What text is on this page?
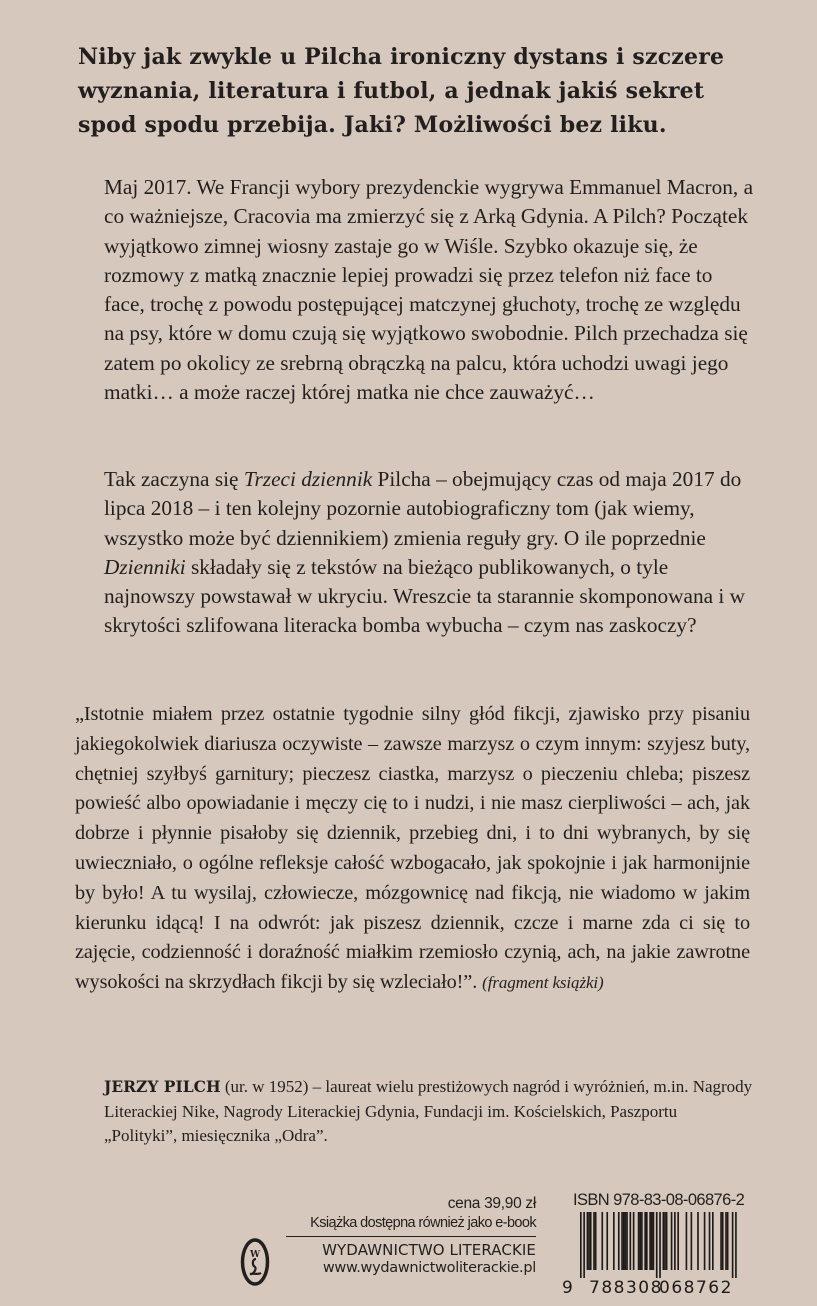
Niby jak zwykle u Pilcha ironiczny dystans i szczere wyznania, literatura i futbol, a jednak jakiś sekret spod spodu przebija. Jaki? Możliwości bez liku.
Maj 2017. We Francji wybory prezydenckie wygrywa Emmanuel Macron, a co ważniejsze, Cracovia ma zmierzyć się z Arką Gdynia. A Pilch? Początek wyjątkowo zimnej wiosny zastaje go w Wiśle. Szybko okazuje się, że rozmowy z matką znacznie lepiej prowadzi się przez telefon niż face to face, trochę z powodu postępującej matczynej głuchoty, trochę ze względu na psy, które w domu czują się wyjątkowo swobodnie. Pilch przechadza się zatem po okolicy ze srebrną obrączką na palcu, która uchodzi uwagi jego matki… a może raczej której matka nie chce zauważyć…
Tak zaczyna się Trzeci dziennik Pilcha – obejmujący czas od maja 2017 do lipca 2018 – i ten kolejny pozornie autobiograficzny tom (jak wiemy, wszystko może być dziennikiem) zmienia reguły gry. O ile poprzednie Dzienniki składały się z tekstów na bieżąco publikowanych, o tyle najnowszy powstawał w ukryciu. Wreszcie ta starannie skomponowana i w skrytości szlifowana literacka bomba wybucha – czym nas zaskoczy?
„Istotnie miałem przez ostatnie tygodnie silny głód fikcji, zjawisko przy pisaniu jakiegokolwiek diariusza oczywiste – zawsze marzysz o czym innym: szyjesz buty, chętniej szyłbyś garnitury; pieczesz ciastka, marzysz o pieczeniu chleba; piszesz powieść albo opowiadanie i męczy cię to i nudzi, i nie masz cierpliwości – ach, jak dobrze i płynnie pisałoby się dziennik, przebieg dni, i to dni wybranych, by się uwieczniało, o ogólne refleksje całość wzbogacało, jak spokojnie i jak harmonijnie by było! A tu wysilaj, człowiecze, mózgownicę nad fikcją, nie wiadomo w jakim kierunku idącą! I na odwrót: jak piszesz dziennik, czcze i marne zda ci się to zajęcie, codzienność i doraźność miałkim rzemiosło czynią, ach, na jakie zawrotne wysokości na skrzydłach fikcji by się wzleciało!”. (fragment książki)
JERZY PILCH (ur. w 1952) – laureat wielu prestiżowych nagród i wyróżnień, m.in. Nagrody Literackiej Nike, Nagrody Literackiej Gdynia, Fundacji im. Kościelskich, Paszportu „Polityki”, miesięcznika „Odra”.
cena 39,90 zł
Książka dostępna również jako e-book
W	WYDAWNICTWO LITERACKIE
www.wydawnictwoliterackie.pl
ISBN 978-83-08-06876-2
9 788308
068762
